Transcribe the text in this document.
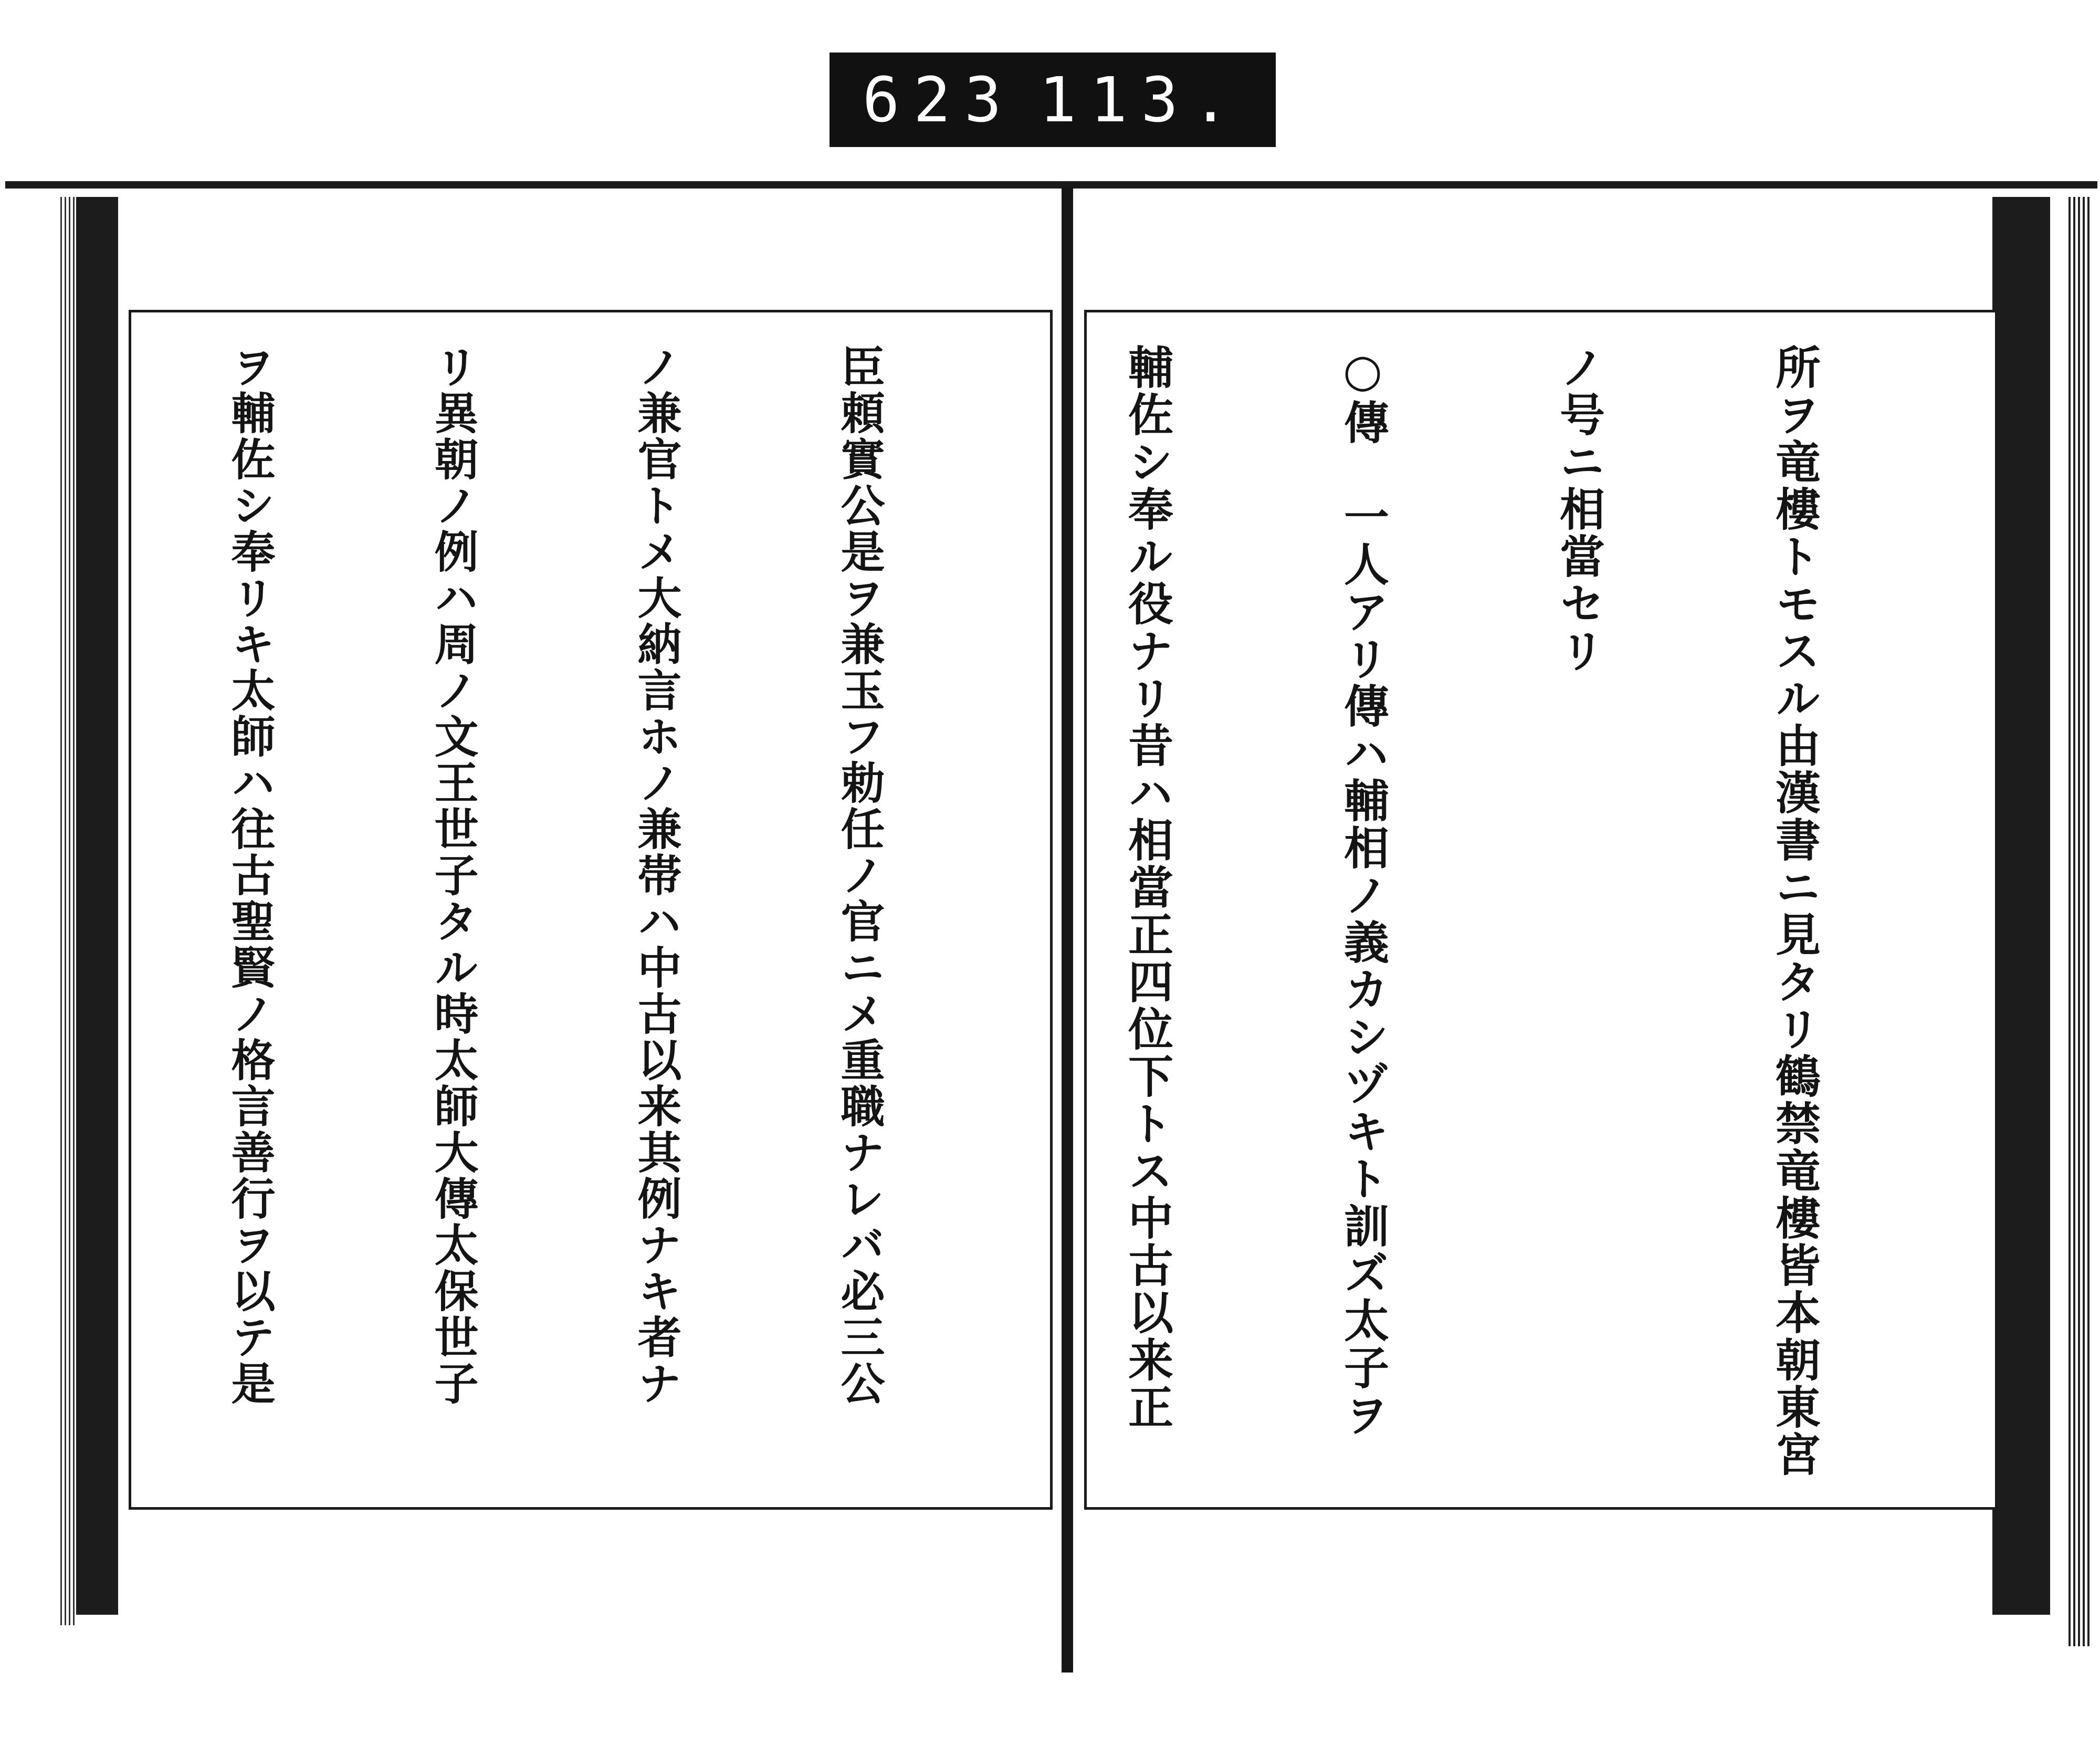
623 113.

所ヲ竜樓トモスル由漢書ニ見タリ鶴禁竜樓皆本朝東宮

ノ号ニ相當セリ

○傳　一人アリ傳ハ輔相ノ義カシヅキト訓ズ太子ヲ

輔佐シ奉ル役ナリ昔ハ相當正四位下トス中古以来正

臣頼實公是ヲ兼玉フ勅任ノ官ニメ重職ナレバ必三公

ノ兼官トメ大納言ホノ兼帯ハ中古以来其例ナキ者ナ

リ異朝ノ例ハ周ノ文王世子タル時太師大傳太保世子

ヲ輔佐シ奉リキ太師ハ往古聖賢ノ格言善行ヲ以テ是
